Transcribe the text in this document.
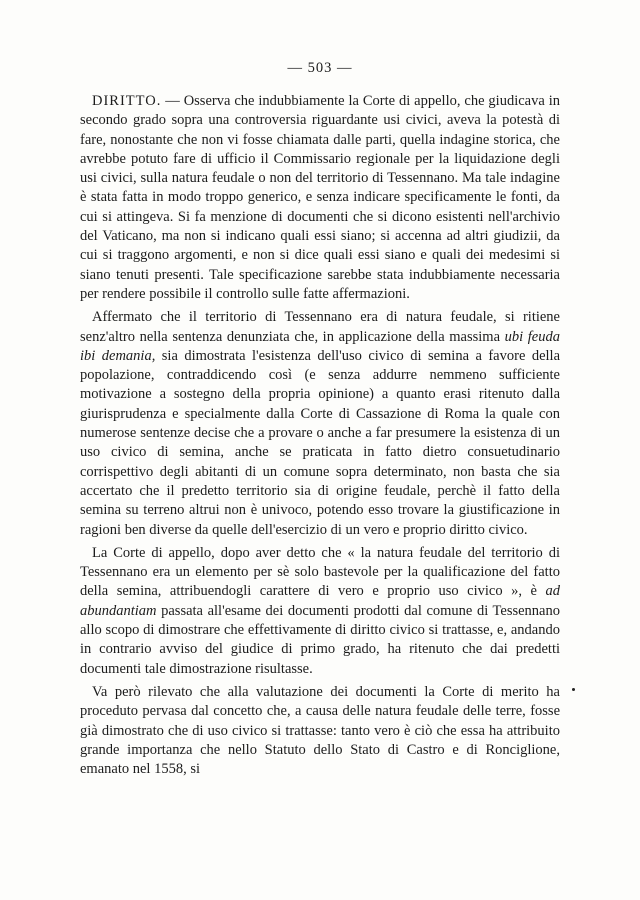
— 503 —

DIRITTO. — Osserva che indubbiamente la Corte di appello, che giudicava in secondo grado sopra una controversia riguardante usi civici, aveva la potestà di fare, nonostante che non vi fosse chiamata dalle parti, quella indagine storica, che avrebbe potuto fare di ufficio il Commissario regionale per la liquidazione degli usi civici, sulla natura feudale o non del territorio di Tessennano. Ma tale indagine è stata fatta in modo troppo generico, e senza indicare specificamente le fonti, da cui si attingeva. Si fa menzione di documenti che si dicono esistenti nell'archivio del Vaticano, ma non si indicano quali essi siano; si accenna ad altri giudizii, da cui si traggono argomenti, e non si dice quali essi siano e quali dei medesimi si siano tenuti presenti. Tale specificazione sarebbe stata indubbiamente necessaria per rendere possibile il controllo sulle fatte affermazioni.

Affermato che il territorio di Tessennano era di natura feudale, si ritiene senz'altro nella sentenza denunziata che, in applicazione della massima ubi feuda ibi demania, sia dimostrata l'esistenza dell'uso civico di semina a favore della popolazione, contraddicendo così (e senza addurre nemmeno sufficiente motivazione a sostegno della propria opinione) a quanto erasi ritenuto dalla giurisprudenza e specialmente dalla Corte di Cassazione di Roma la quale con numerose sentenze decise che a provare o anche a far presumere la esistenza di un uso civico di semina, anche se praticata in fatto dietro consuetudinario corrispettivo degli abitanti di un comune sopra determinato, non basta che sia accertato che il predetto territorio sia di origine feudale, perchè il fatto della semina su terreno altrui non è univoco, potendo esso trovare la giustificazione in ragioni ben diverse da quelle dell'esercizio di un vero e proprio diritto civico.

La Corte di appello, dopo aver detto che « la natura feudale del territorio di Tessennano era un elemento per sè solo bastevole per la qualificazione del fatto della semina, attribuendogli carattere di vero e proprio uso civico », è ad abundantiam passata all'esame dei documenti prodotti dal comune di Tessennano allo scopo di dimostrare che effettivamente di diritto civico si trattasse, e, andando in contrario avviso del giudice di primo grado, ha ritenuto che dai predetti documenti tale dimostrazione risultasse.

Va però rilevato che alla valutazione dei documenti la Corte di merito ha proceduto pervasa dal concetto che, a causa delle natura feudale delle terre, fosse già dimostrato che di uso civico si trattasse: tanto vero è ciò che essa ha attribuito grande importanza che nello Statuto dello Stato di Castro e di Ronciglione, emanato nel 1558, si
